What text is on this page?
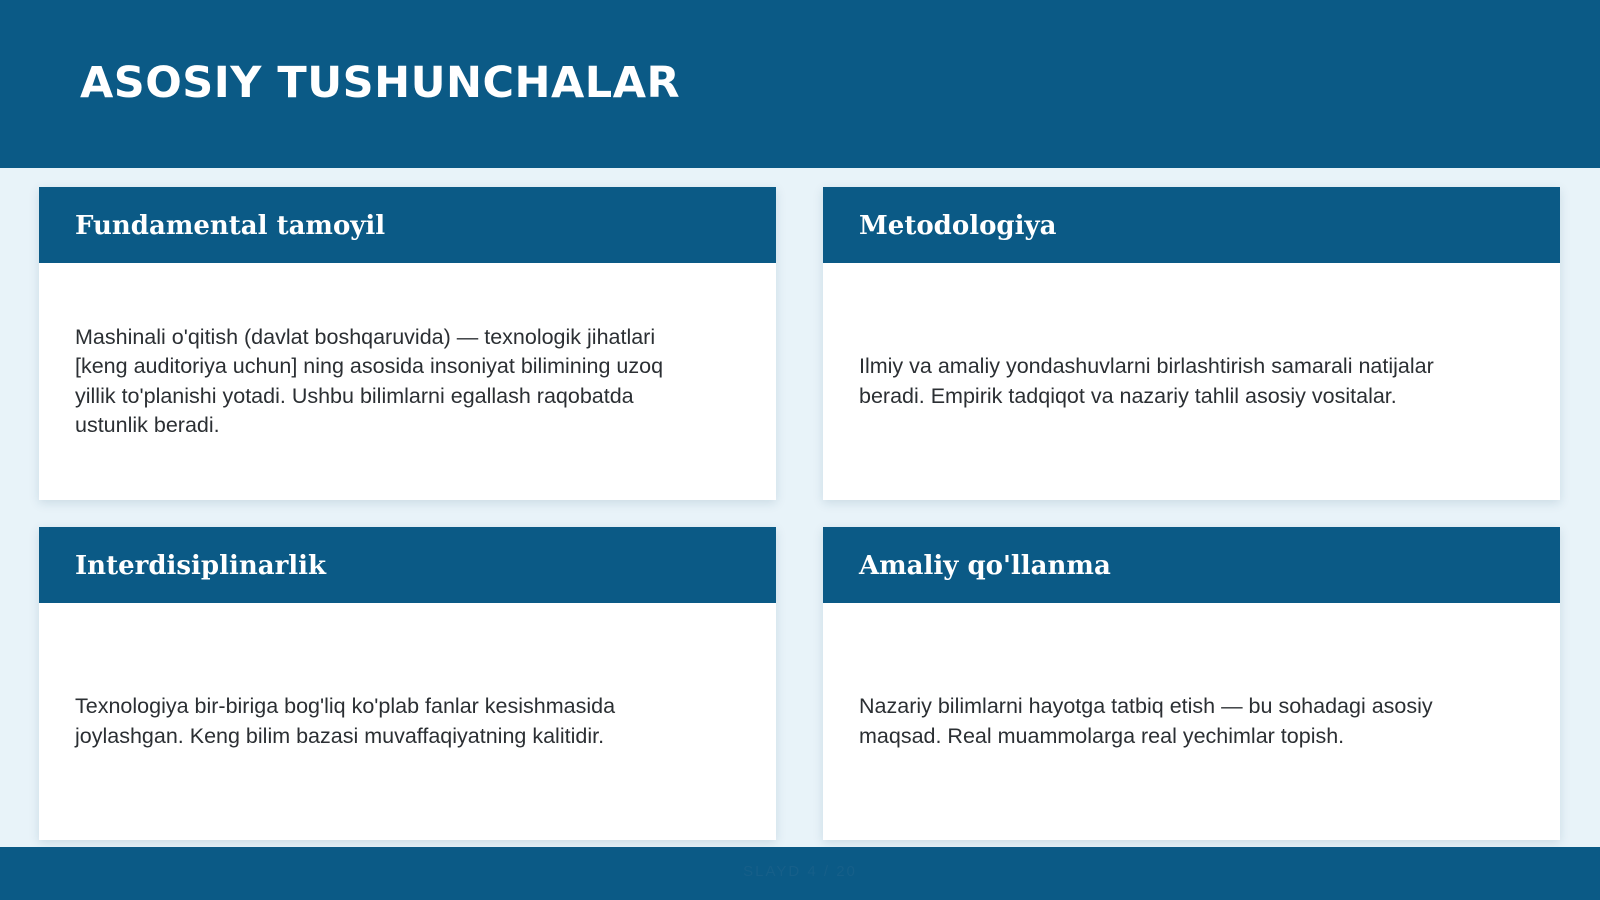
ASOSIY TUSHUNCHALAR
Fundamental tamoyil

Mashinali o'qitish (davlat boshqaruvida) — texnologik jihatlari [keng auditoriya uchun] ning asosida insoniyat bilimining uzoq yillik to'planishi yotadi. Ushbu bilimlarni egallash raqobatda ustunlik beradi.

Metodologiya

Ilmiy va amaliy yondashuvlarni birlashtirish samarali natijalar beradi. Empirik tadqiqot va nazariy tahlil asosiy vositalar.

Interdisiplinarlik

Texnologiya bir-biriga bog'liq ko'plab fanlar kesishmasida joylashgan. Keng bilim bazasi muvaffaqiyatning kalitidir.

Amaliy qo'llanma

Nazariy bilimlarni hayotga tatbiq etish — bu sohadagi asosiy maqsad. Real muammolarga real yechimlar topish.

SLAYD 4 / 20
